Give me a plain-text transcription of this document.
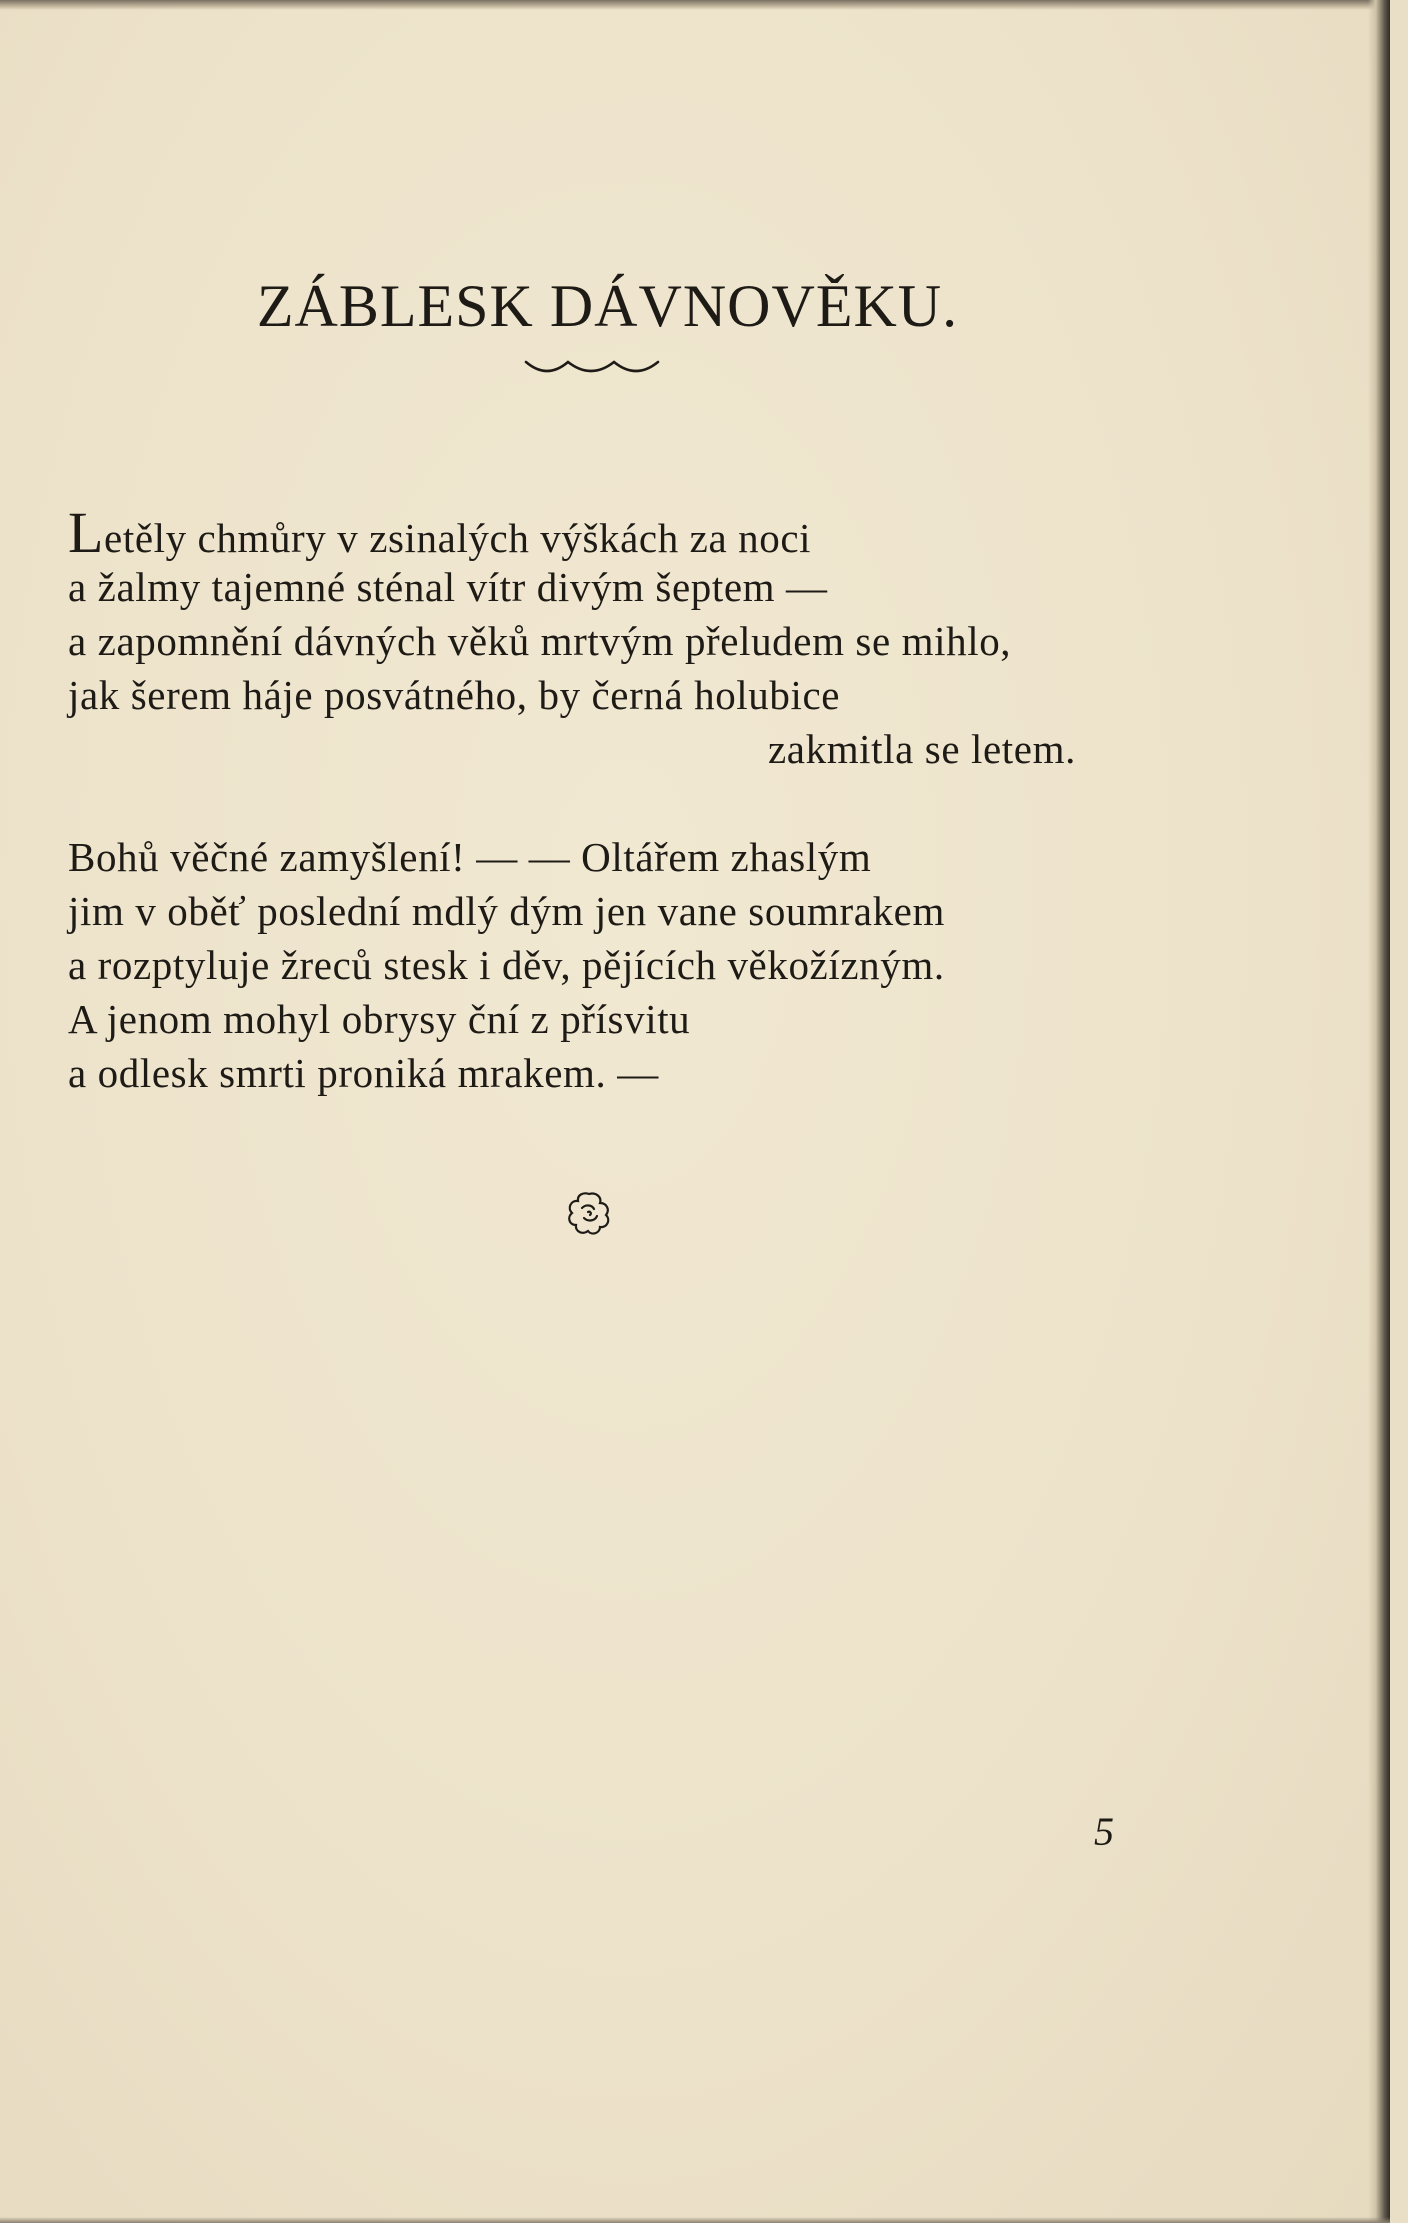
ZÁBLESK DÁVNOVĚKU.
Letěly chmůry v zsinalých výškách za noci
a žalmy tajemné sténal vítr divým šeptem —
a zapomnění dávných věků mrtvým přeludem se mihlo,
jak šerem háje posvátného, by černá holubice
zakmitla se letem.
Bohů věčné zamyšlení! — — Oltářem zhaslým
jim v oběť poslední mdlý dým jen vane soumrakem
a rozptyluje žreců stesk i děv, pějících věkožízným.
A jenom mohyl obrysy ční z přísvitu
a odlesk smrti proniká mrakem. —
5
